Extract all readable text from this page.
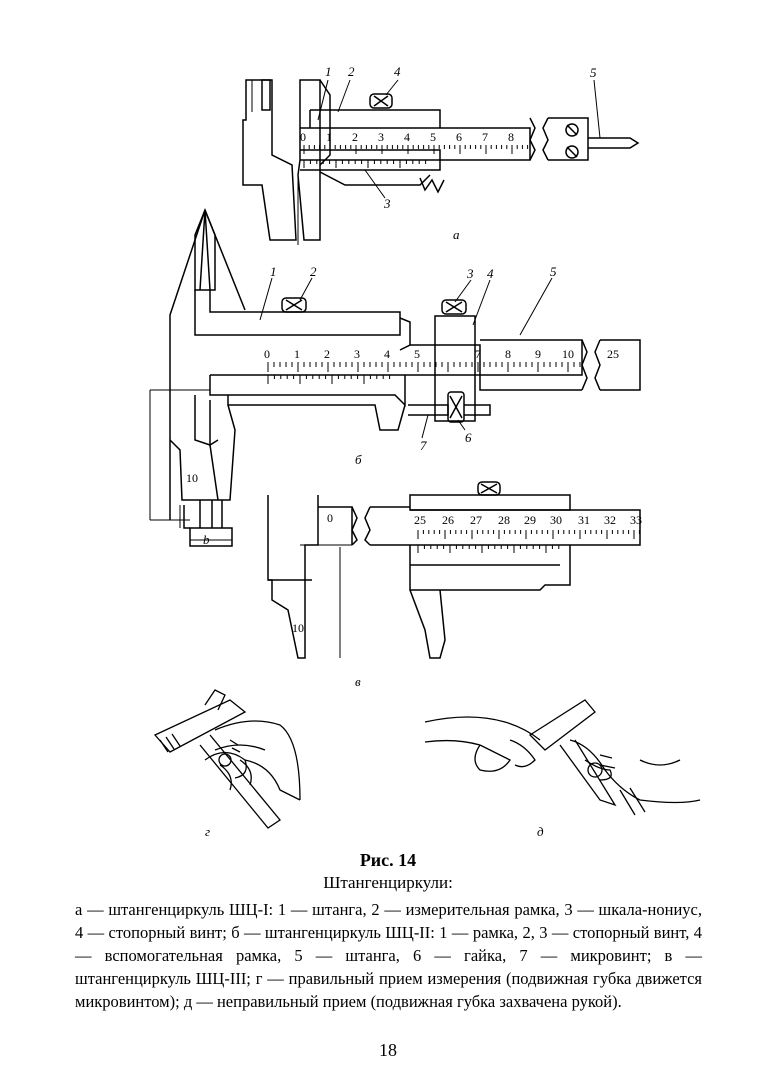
1 2	4	5
3
а
0 1 2 3 4 5 6 7 8
1	2	3 4	5
6
7
б
b
0 1 2 3 4 5	7 8 9 10	25
10
0	25 26 27 28 29 30 31 32 33
10
в
г	д
Рис. 14
Штангенциркули:
а — штангенциркуль ШЦ-I: 1 — штанга, 2 — измерительная рамка, 3 — шкала-нониус, 4 — стопорный винт; б — штангенциркуль ШЦ-II: 1 — рамка, 2, 3 — стопорный винт, 4 — вспомогательная рамка, 5 — штанга, 6 — гайка, 7 — микровинт; в — штангенциркуль ШЦ-III; г — правильный прием измерения (подвижная губка движется микровинтом); д — неправильный прием (подвижная губка захвачена рукой).
18
